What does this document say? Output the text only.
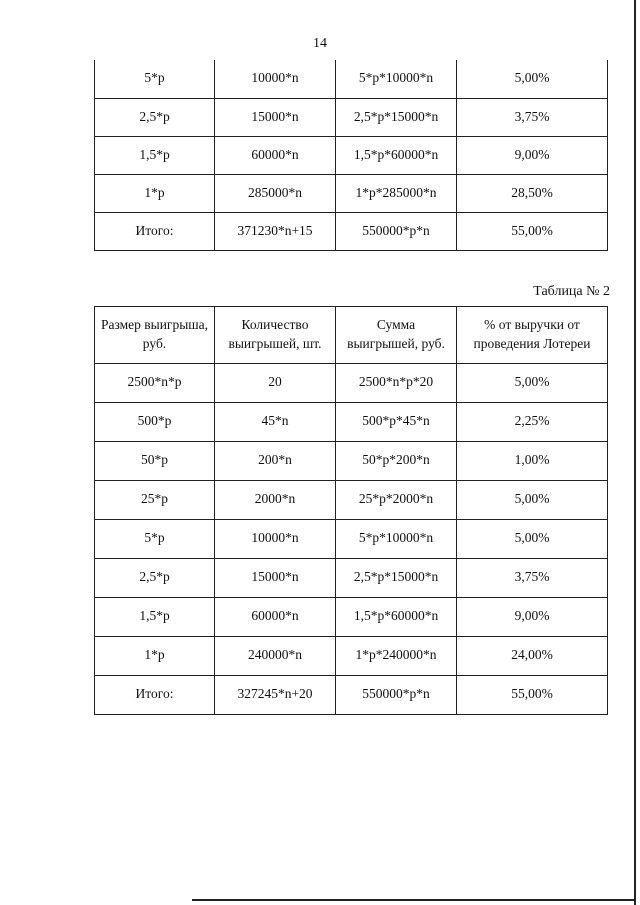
14
5*р	10000*n	5*р*10000*n	5,00%
2,5*р	15000*n	2,5*р*15000*n	3,75%
1,5*р	60000*n	1,5*р*60000*n	9,00%
1*р	285000*n	1*р*285000*n	28,50%
Итого:	371230*n+15	550000*р*n	55,00%
Таблица № 2
Размер выигрыша, руб.	Количество выигрышей, шт.	Сумма выигрышей, руб.	% от выручки от проведения Лотереи
2500*n*р	20	2500*n*р*20	5,00%
500*р	45*n	500*р*45*n	2,25%
50*р	200*n	50*р*200*n	1,00%
25*р	2000*n	25*р*2000*n	5,00%
5*р	10000*n	5*р*10000*n	5,00%
2,5*р	15000*n	2,5*р*15000*n	3,75%
1,5*р	60000*n	1,5*р*60000*n	9,00%
1*р	240000*n	1*р*240000*n	24,00%
Итого:	327245*n+20	550000*р*n	55,00%
